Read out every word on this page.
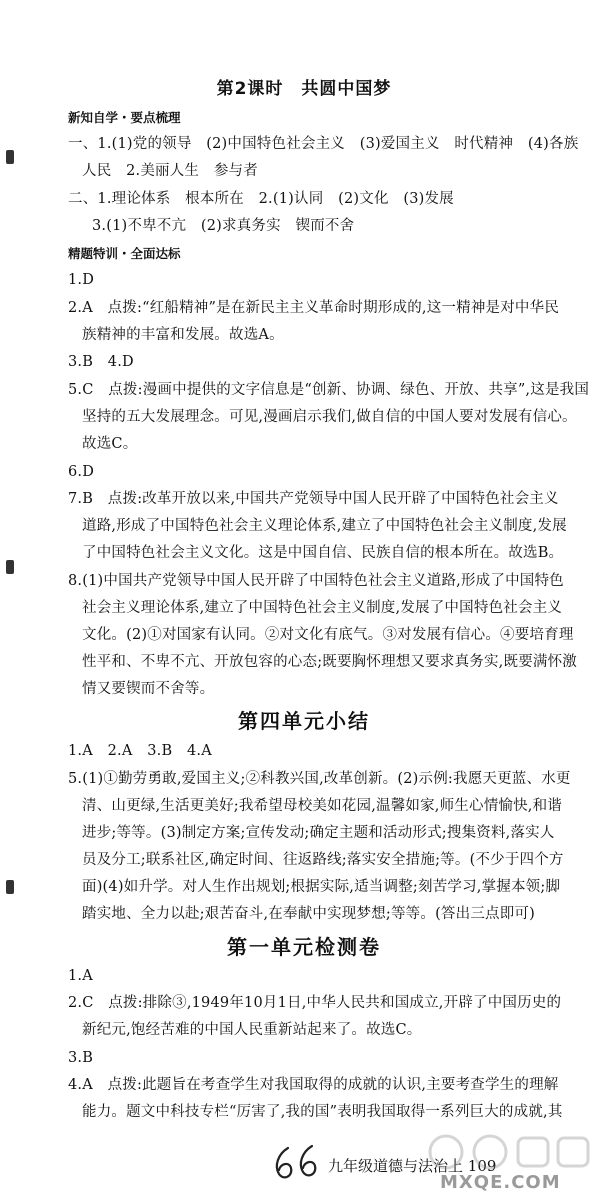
第2课时　共圆中国梦
新知自学・要点梳理
一、1.(1)党的领导　(2)中国特色社会主义　(3)爱国主义　时代精神　(4)各族
人民　2.美丽人生　参与者
二、1.理论体系　根本所在　2.(1)认同　(2)文化　(3)发展
3.(1)不卑不亢　(2)求真务实　锲而不舍
精题特训・全面达标
1.D
2.A　点拨:“红船精神”是在新民主主义革命时期形成的,这一精神是对中华民
族精神的丰富和发展。故选A。
3.B　4.D
5.C　点拨:漫画中提供的文字信息是“创新、协调、绿色、开放、共享”,这是我国
坚持的五大发展理念。可见,漫画启示我们,做自信的中国人要对发展有信心。
故选C。
6.D
7.B　点拨:改革开放以来,中国共产党领导中国人民开辟了中国特色社会主义
道路,形成了中国特色社会主义理论体系,建立了中国特色社会主义制度,发展
了中国特色社会主义文化。这是中国自信、民族自信的根本所在。故选B。
8.(1)中国共产党领导中国人民开辟了中国特色社会主义道路,形成了中国特色
社会主义理论体系,建立了中国特色社会主义制度,发展了中国特色社会主义
文化。(2)①对国家有认同。②对文化有底气。③对发展有信心。④要培育理
性平和、不卑不亢、开放包容的心态;既要胸怀理想又要求真务实,既要满怀激
情又要锲而不舍等。
第四单元小结
1.A　2.A　3.B　4.A
5.(1)①勤劳勇敢,爱国主义;②科教兴国,改革创新。(2)示例:我愿天更蓝、水更
清、山更绿,生活更美好;我希望母校美如花园,温馨如家,师生心情愉快,和谐
进步;等等。(3)制定方案;宣传发动;确定主题和活动形式;搜集资料,落实人
员及分工;联系社区,确定时间、往返路线;落实安全措施;等。(不少于四个方
面)(4)如升学。对人生作出规划;根据实际,适当调整;刻苦学习,掌握本领;脚
踏实地、全力以赴;艰苦奋斗,在奉献中实现梦想;等等。(答出三点即可)
第一单元检测卷
1.A
2.C　点拨:排除③,1949年10月1日,中华人民共和国成立,开辟了中国历史的
新纪元,饱经苦难的中国人民重新站起来了。故选C。
3.B
4.A　点拨:此题旨在考查学生对我国取得的成就的认识,主要考查学生的理解
能力。题文中科技专栏“厉害了,我的国”表明我国取得一系列巨大的成就,其
九年级道德与法治上 109
MXQE.COM
